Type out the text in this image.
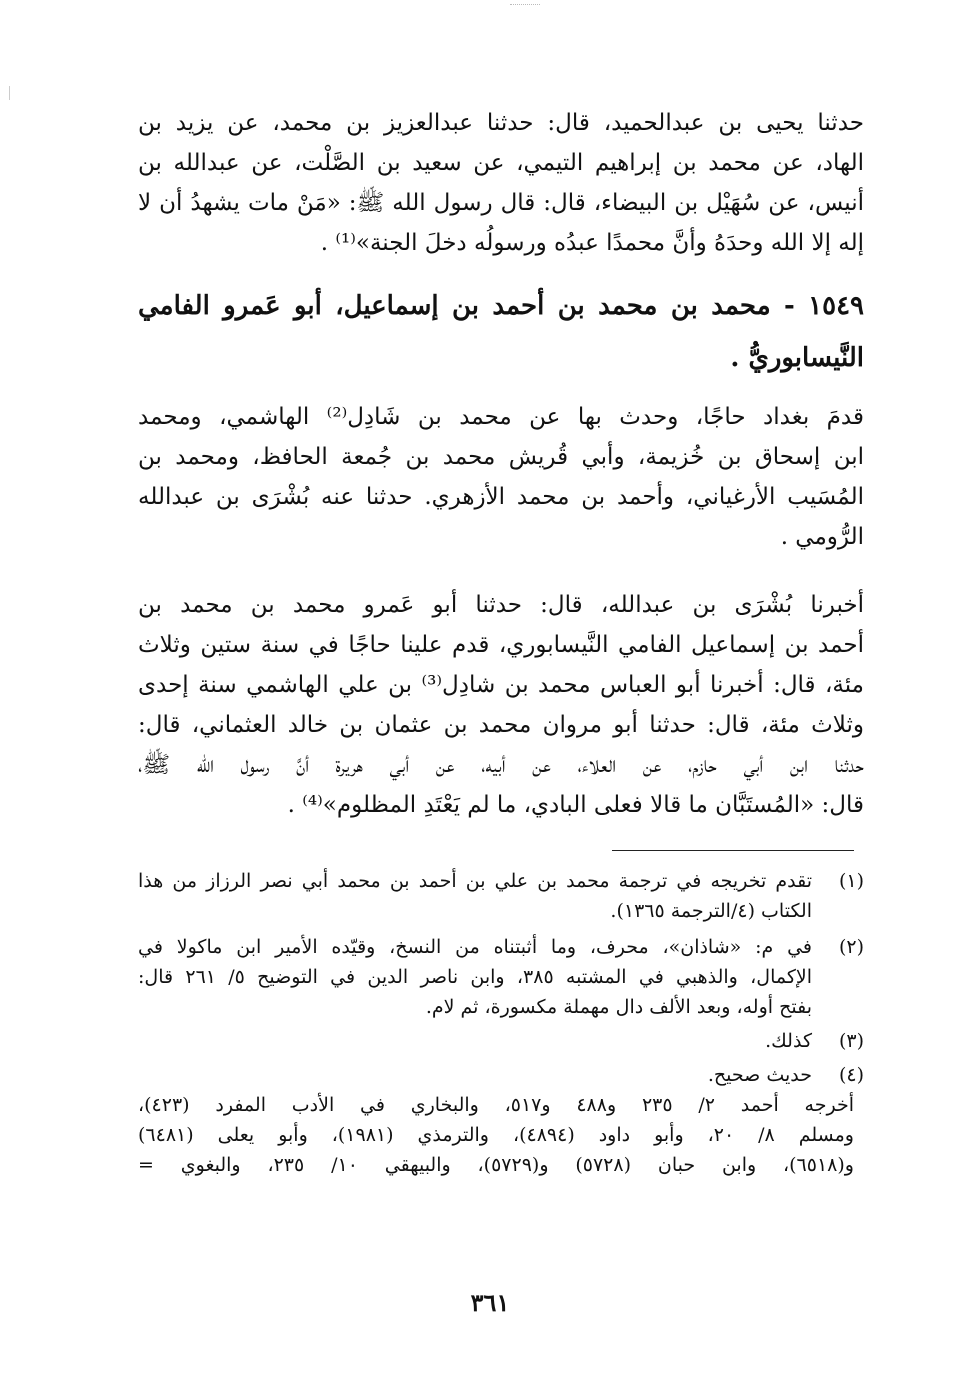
حدثنا يحيى بن عبدالحميد، قال: حدثنا عبدالعزيز بن محمد، عن يزيد بن

الهاد، عن محمد بن إبراهيم التيمي، عن سعيد بن الصَّلْت، عن عبدالله بن

أنيس، عن سُهَيْل بن البيضاء، قال: قال رسول الله ﷺ: «مَنْ مات يشهدُ أن لا

إله إلا الله وحدَهُ وأنَّ محمدًا عبدُه ورسولُه دخلَ الجنة»⁽¹⁾ .

١٥٤٩ - محمد بن محمد بن أحمد بن إسماعيل، أبو عَمرو الفامي

النَّيسابوريُّ .

قدمَ بغداد حاجًا، وحدث بها عن محمد بن شَادِل⁽²⁾ الهاشمي، ومحمد

ابن إسحاق بن خُزيمة، وأبي قُريش محمد بن جُمعة الحافظ، ومحمد بن

المُسَيب الأرغياني، وأحمد بن محمد الأزهري. حدثنا عنه بُشْرَى بن عبدالله

الرُّومي .

أخبرنا بُشْرَى بن عبدالله، قال: حدثنا أبو عَمرو محمد بن محمد بن

أحمد بن إسماعيل الفامي النَّيسابوري، قدم علينا حاجًا في سنة ستين وثلاث

مئة، قال: أخبرنا أبو العباس محمد بن شادِل⁽³⁾ بن علي الهاشمي سنة إحدى

وثلاث مئة، قال: حدثنا أبو مروان محمد بن عثمان بن خالد العثماني، قال:

حدثنا ابن أبي حازم، عن العلاء، عن أبيه، عن أبي هريرة أنَّ رسول الله ﷺ،

قال: «المُستَبَّان ما قالا فعلى البادي، ما لم يَعْتَدِ المظلوم»⁽⁴⁾ .

(١)

تقدم تخريجه في ترجمة محمد بن علي بن أحمد بن محمد أبي نصر الرزاز من هذا

الكتاب (٤/الترجمة ١٣٦٥).

(٢)

في م: «شاذان»، محرف، وما أثبتناه من النسخ، وقيّده الأمير ابن ماكولا في

الإكمال، والذهبي في المشتبه ٣٨٥، وابن ناصر الدين في التوضيح ٥/ ٢٦١ قال:

بفتح أوله، وبعد الألف دال مهملة مكسورة، ثم لام.

(٣)

كذلك.

(٤)

حديث صحيح.

أخرجه أحمد ٢/ ٢٣٥ و٤٨٨ و٥١٧، والبخاري في الأدب المفرد (٤٢٣)،

ومسلم ٨/ ٢٠، وأبو داود (٤٨٩٤)، والترمذي (١٩٨١)، وأبو يعلى (٦٤٨١)

و(٦٥١٨)، وابن حبان (٥٧٢٨) و(٥٧٢٩)، والبيهقي ١٠/ ٢٣٥، والبغوي =

٣٦١
